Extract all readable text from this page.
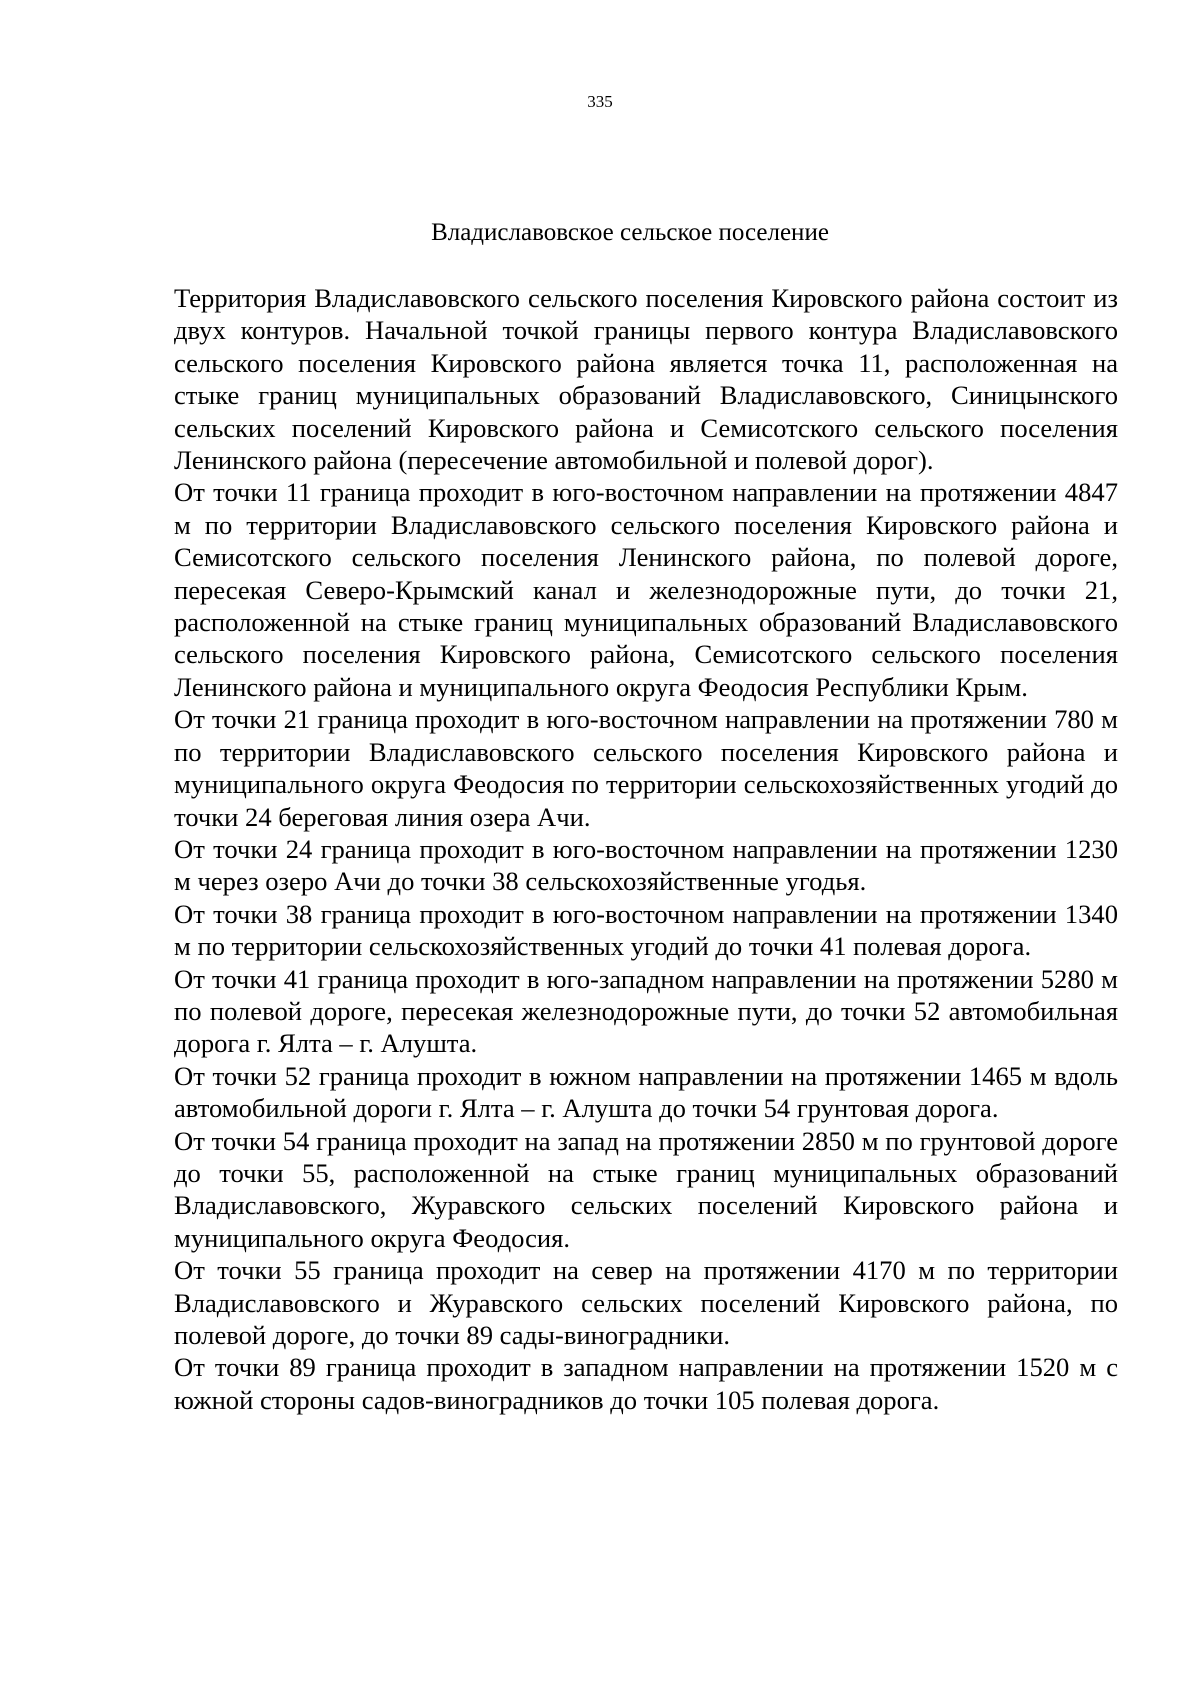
335
Владиславовское сельское поселение

Территория Владиславовского сельского поселения Кировского района состоит из двух контуров. Начальной точкой границы первого контура Владиславовского сельского поселения Кировского района является точка 11, расположенная на стыке границ муниципальных образований Владиславовского, Синицынского сельских поселений Кировского района и Семисотского сельского поселения Ленинского района (пересечение автомобильной и полевой дорог).

От точки 11 граница проходит в юго-восточном направлении на протяжении 4847 м по территории Владиславовского сельского поселения Кировского района и Семисотского сельского поселения Ленинского района, по полевой дороге, пересекая Северо-Крымский канал и железнодорожные пути, до точки 21, расположенной на стыке границ муниципальных образований Владиславовского сельского поселения Кировского района, Семисотского сельского поселения Ленинского района и муниципального округа Феодосия Республики Крым.

От точки 21 граница проходит в юго-восточном направлении на протяжении 780 м по территории Владиславовского сельского поселения Кировского района и муниципального округа Феодосия по территории сельскохозяйственных угодий до точки 24 береговая линия озера Ачи.

От точки 24 граница проходит в юго-восточном направлении на протяжении 1230 м через озеро Ачи до точки 38 сельскохозяйственные угодья.

От точки 38 граница проходит в юго-восточном направлении на протяжении 1340 м по территории сельскохозяйственных угодий до точки 41 полевая дорога.

От точки 41 граница проходит в юго-западном направлении на протяжении 5280 м по полевой дороге, пересекая железнодорожные пути, до точки 52 автомобильная дорога г. Ялта – г. Алушта.

От точки 52 граница проходит в южном направлении на протяжении 1465 м вдоль автомобильной дороги г. Ялта – г. Алушта до точки 54 грунтовая дорога.

От точки 54 граница проходит на запад на протяжении 2850 м по грунтовой дороге до точки 55, расположенной на стыке границ муниципальных образований Владиславовского, Журавского сельских поселений Кировского района и муниципального округа Феодосия.

От точки 55 граница проходит на север на протяжении 4170 м по территории Владиславовского и Журавского сельских поселений Кировского района, по полевой дороге, до точки 89 сады-виноградники.

От точки 89 граница проходит в западном направлении на протяжении 1520 м с южной стороны садов-виноградников до точки 105 полевая дорога.
